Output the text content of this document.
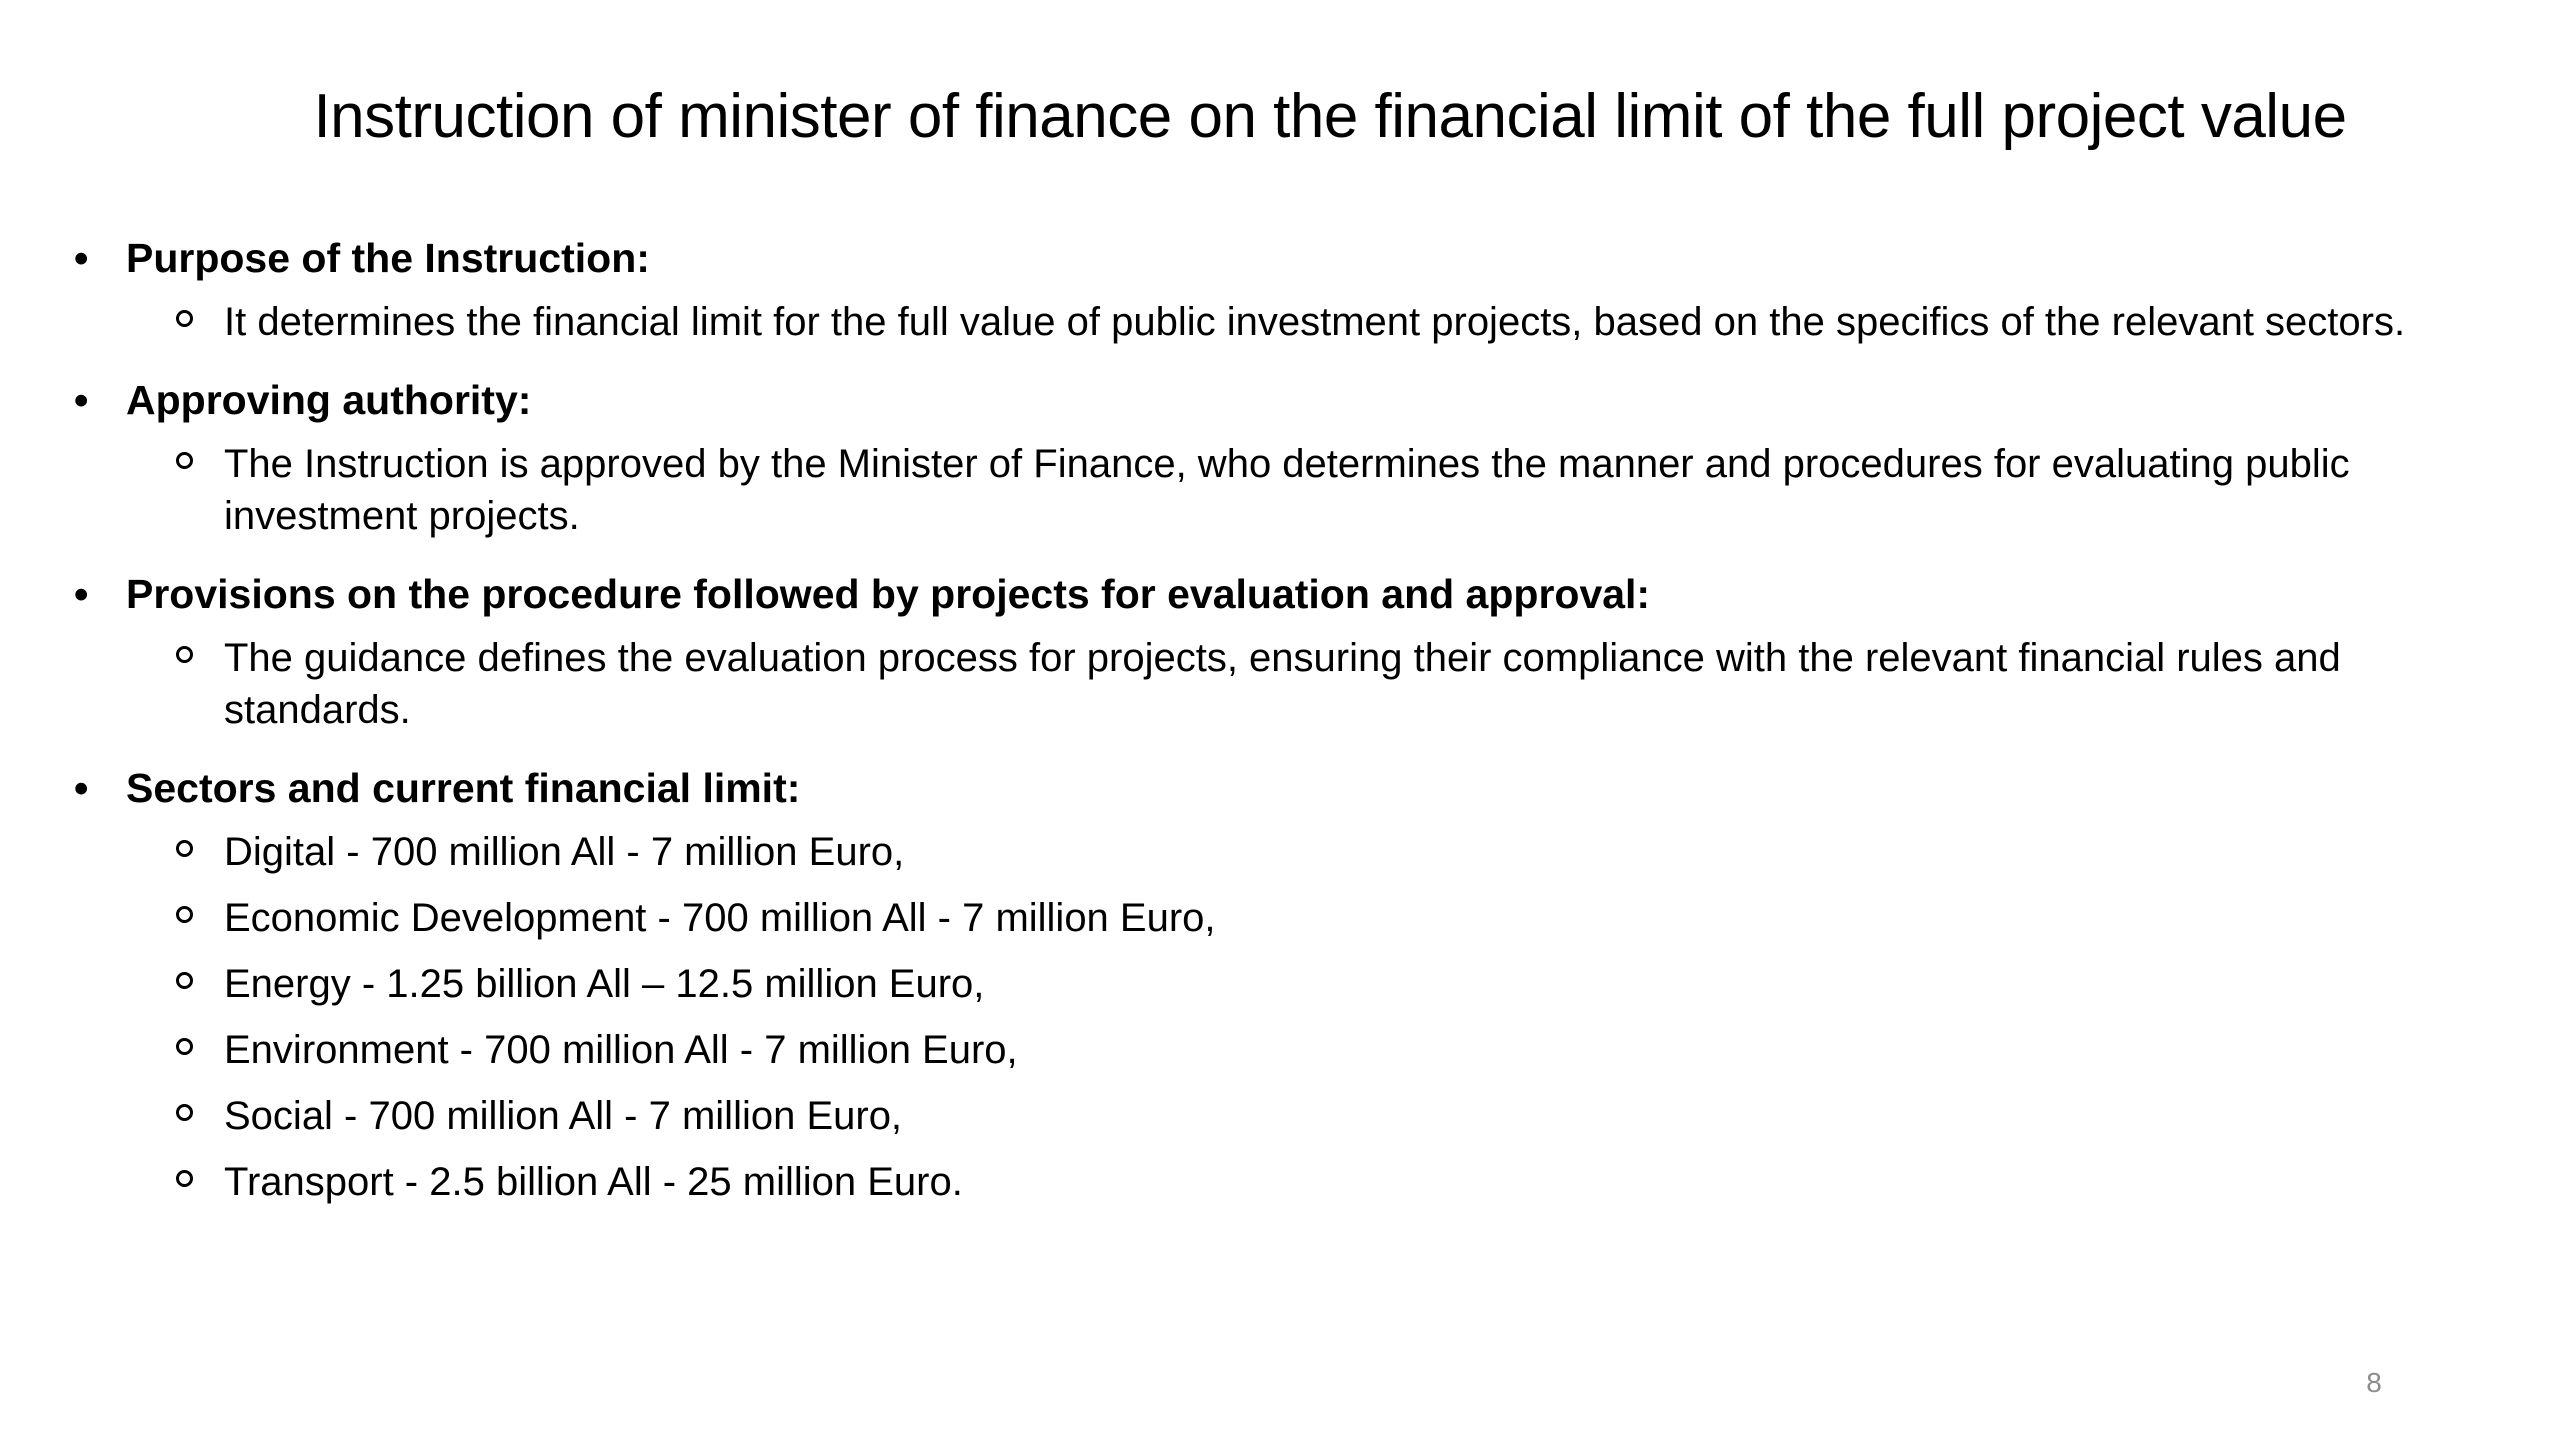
Instruction of minister of finance on the financial limit of the full project value
• Purpose of the Instruction:
It determines the financial limit for the full value of public investment projects, based on the specifics of the relevant sectors.
• Approving authority:
The Instruction is approved by the Minister of Finance, who determines the manner and procedures for evaluating public investment projects.
• Provisions on the procedure followed by projects for evaluation and approval:
The guidance defines the evaluation process for projects, ensuring their compliance with the relevant financial rules and standards.
• Sectors and current financial limit:
Digital - 700 million All - 7 million Euro,
Economic Development - 700 million All - 7 million Euro,
Energy - 1.25 billion All – 12.5 million Euro,
Environment - 700 million All - 7 million Euro,
Social - 700 million All - 7 million Euro,
Transport - 2.5 billion All - 25 million Euro.
8
